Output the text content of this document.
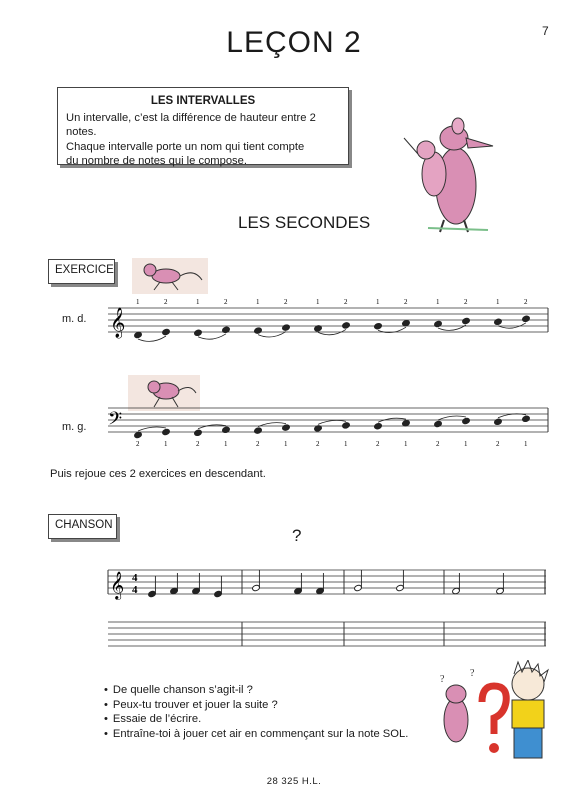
7
LEÇON 2
LES INTERVALLES
Un intervalle, c’est la différence de hauteur entre 2 notes.
Chaque intervalle porte un nom qui tient compte
du nombre de notes qui le compose.
?
?
LES SECONDES
EXERCICE
m. d.
m. g.
𝄞
1	2	1	2	1	2	1	2	1	2	1	2	1	2
𝄢
2	1	2	1	2	1	2	1	2	1	2	1	2	1
Puis rejoue ces 2 exercices en descendant.
CHANSON
?
𝄞 4
4
• De quelle chanson s’agit-il ?
• Peux-tu trouver et jouer la suite ?
• Essaie de l’écrire.
• Entraîne-toi à jouer cet air en commençant sur la note SOL.
28 325 H.L.
